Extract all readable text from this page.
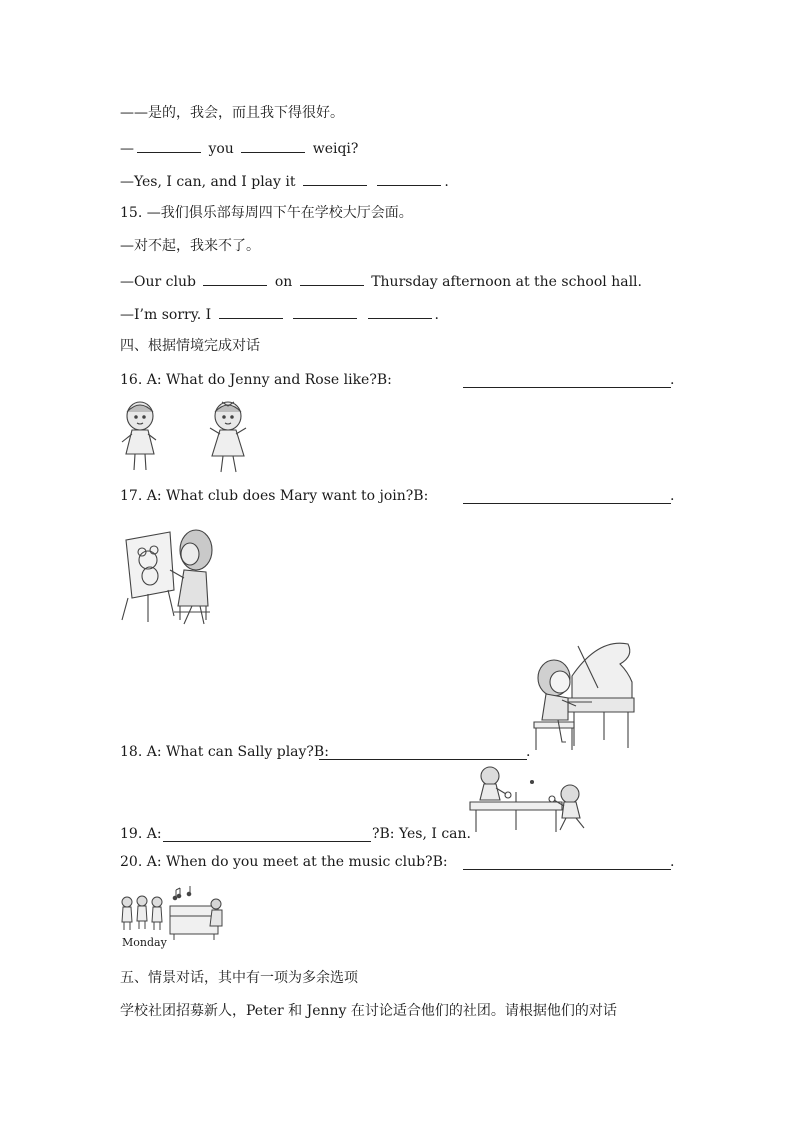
——是的，我会，而且我下得很好。
—	you	weiqi?
—Yes, I can, and I play it	.
15. —我们俱乐部每周四下午在学校大厅会面。
—对不起，我来不了。
—Our club	on	Thursday afternoon at the school hall.
—I’m sorry. I	.
四、根据情境完成对话
16. A: What do Jenny and Rose like?B:	.
17. A: What club does Mary want to join?B:	.
18. A: What can Sally play?B:	.
19. A:	?B: Yes, I can.
20. A: When do you meet at the music club?B:	.
Monday
五、情景对话，其中有一项为多余选项
学校社团招募新人，Peter 和 Jenny 在讨论适合他们的社团。请根据他们的对话
